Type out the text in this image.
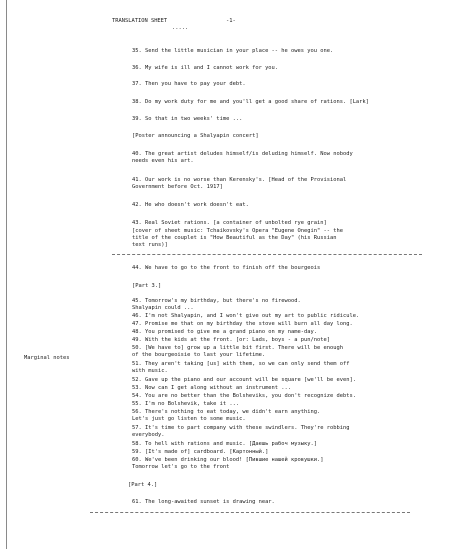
TRANSLATION SHEET	-1-
.....
35. Send the little musician in your place -- he owes you one.
36. My wife is ill and I cannot work for you.
37. Then you have to pay your debt.
38. Do my work duty for me and you'll get a good share of rations. [Lark]
39. So that in two weeks' time ...
[Poster announcing a Shalyapin concert]
40. The great artist deludes himself/is deluding himself. Now nobody
needs even his art.
41. Our work is no worse than Kerensky's. [Head of the Provisional
Government before Oct. 1917]
42. He who doesn't work doesn't eat.
43. Real Soviet rations. [a container of unbolted rye grain]
[cover of sheet music: Tchaikovsky's Opera "Eugene Onegin" -- the
title of the couplet is "How Beautiful as the Day" (his Russian
text runs)]
44. We have to go to the front to finish off the bourgeois
[Part 3.]
45. Tomorrow's my birthday, but there's no firewood.
Shalyapin could ...
46. I'm not Shalyapin, and I won't give out my art to public ridicule.
47. Promise me that on my birthday the stove will burn all day long.
48. You promised to give me a grand piano on my name-day.
49. With the kids at the front. [or: Lads, boys - a pun/note]
50. [We have to] grow up a little bit first. There will be enough
of the bourgeoisie to last your lifetime.
51. They aren't taking [us] with them, so we can only send them off
with music.
52. Gave up the piano and our account will be square [we'll be even].
53. Now can I get along without an instrument ...
54. You are no better than the Bolsheviks, you don't recognize debts.
55. I'm no Bolshevik, take it ...
56. There's nothing to eat today, we didn't earn anything.
Let's just go listen to some music.
57. It's time to part company with these swindlers. They're robbing
everybody.
58. To hell with rations and music. [Даешь рабоч музыку.]
59. [It's made of] cardboard. [Картонный.]
60. We've been drinking our blood! [Пившие нашей кровушки.]
Tomorrow let's go to the front
[Part 4.]
61. The long-awaited sunset is drawing near.
Marginal notes
